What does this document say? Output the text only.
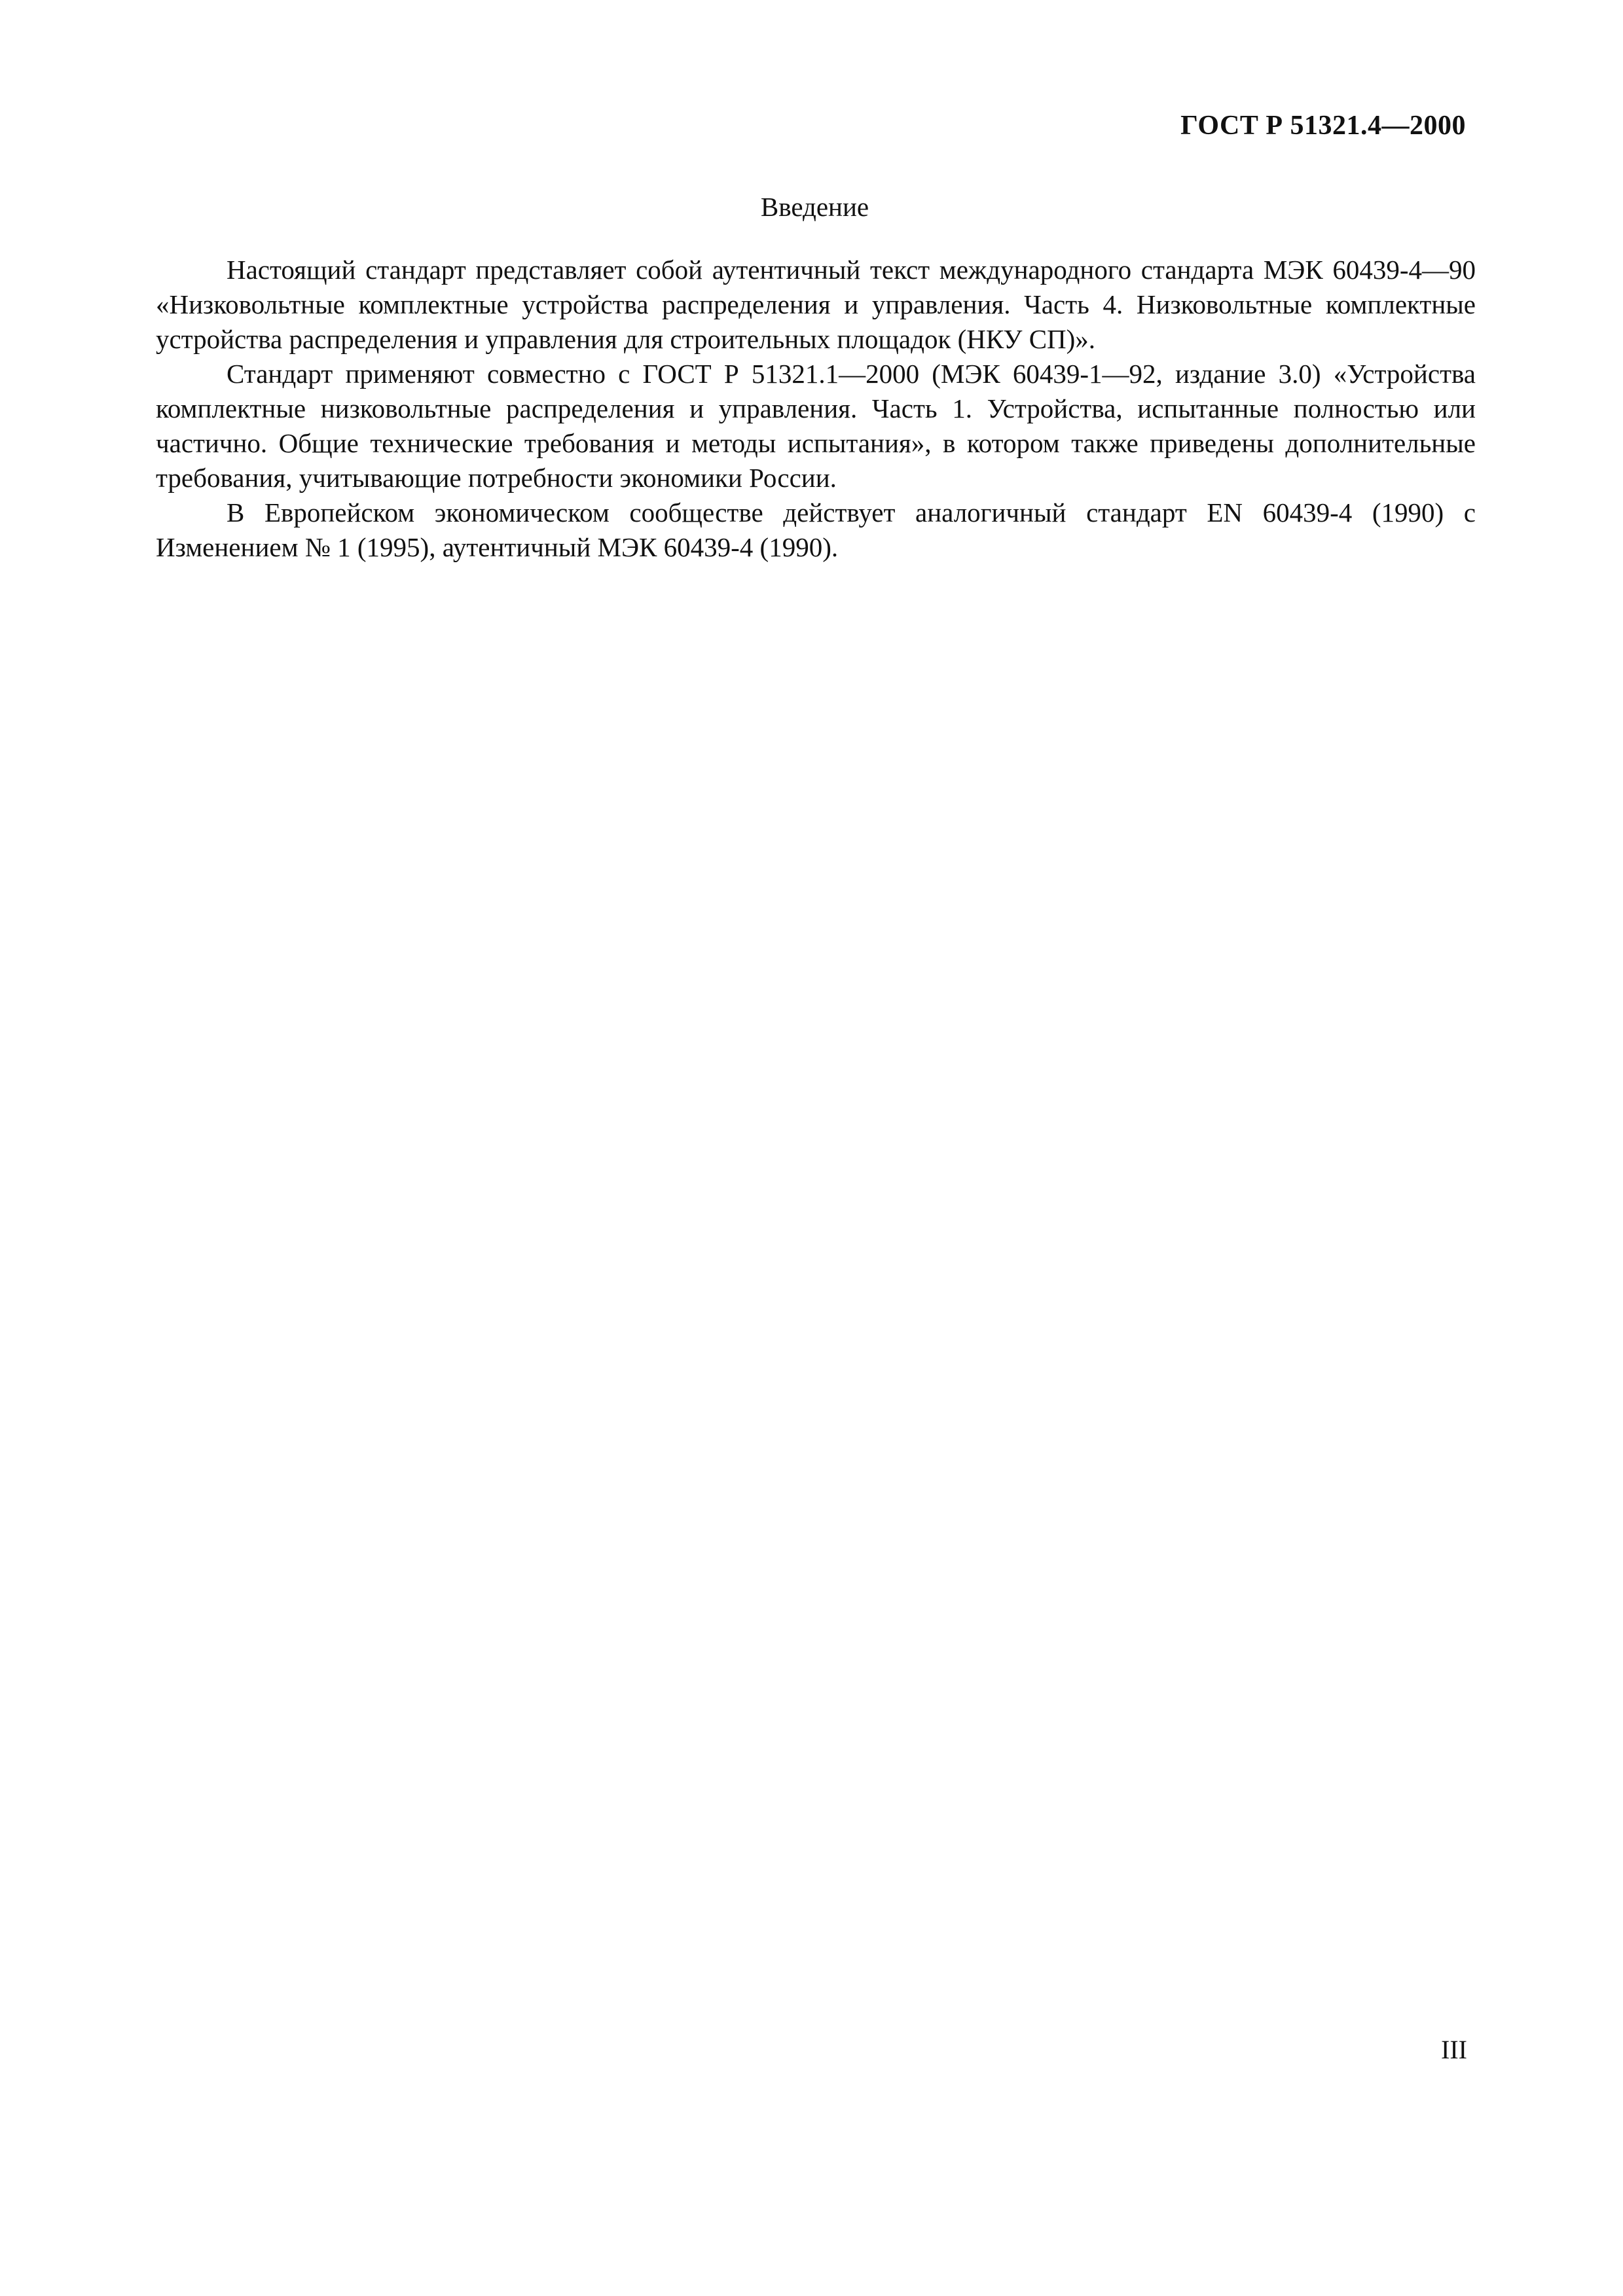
ГОСТ Р 51321.4—2000
Введение

Настоящий стандарт представляет собой аутентичный текст международного стандарта МЭК 60439-4—90 «Низковольтные комплектные устройства распределения и управления. Часть 4. Низковольтные комплектные устройства распределения и управления для строительных площадок (НКУ СП)».

Стандарт применяют совместно с ГОСТ Р 51321.1—2000 (МЭК 60439-1—92, издание 3.0) «Устройства комплектные низковольтные распределения и управления. Часть 1. Устройства, испытанные полностью или частично. Общие технические требования и методы испытания», в котором также приведены дополнительные требования, учитывающие потребности экономики России.

В Европейском экономическом сообществе действует аналогичный стандарт EN 60439-4 (1990) с Изменением № 1 (1995), аутентичный МЭК 60439-4 (1990).

III
